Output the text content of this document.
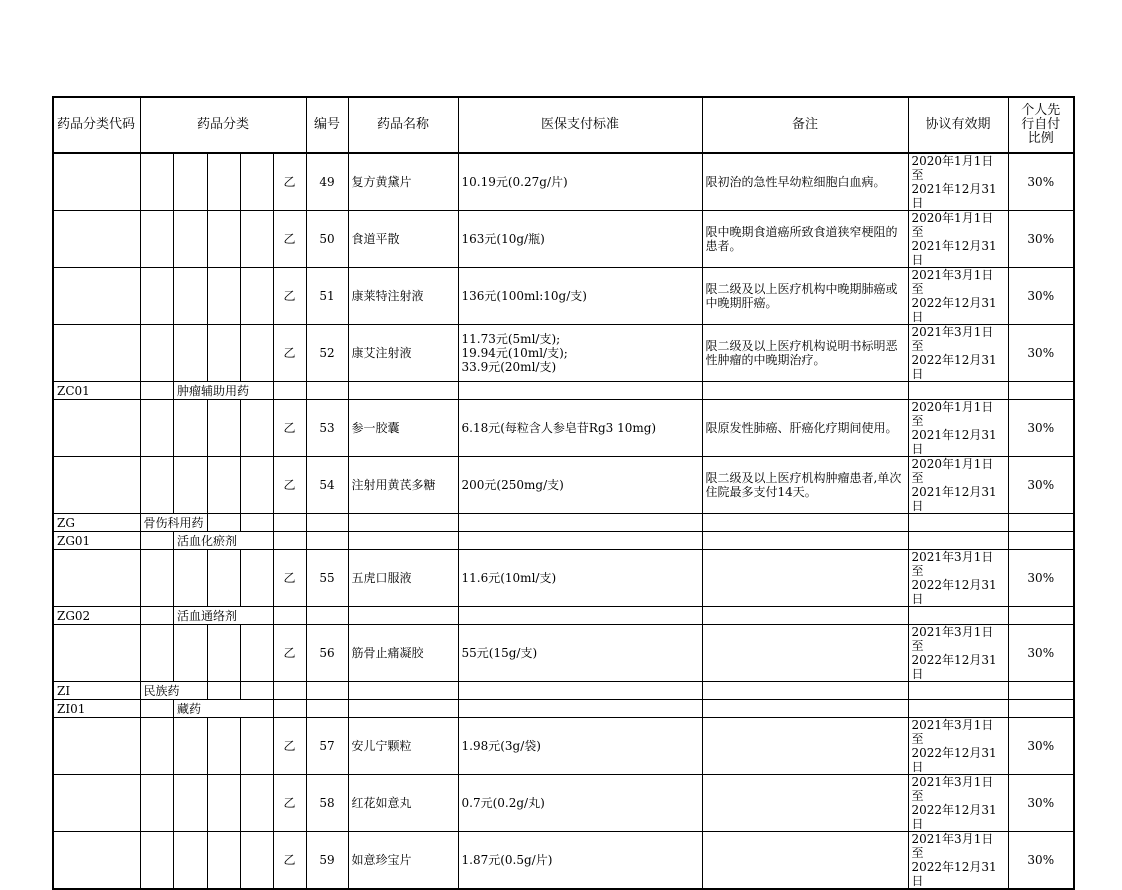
药品分类代码	药品分类					编号	药品名称	医保支付标准	备注	协议有效期	个人先
行自付
比例
					乙	49	复方黄黛片	10.19元(0.27g/片)	限初治的急性早幼粒细胞白血病。	2020年1月1日至
2021年12月31日	30%
					乙	50	食道平散	163元(10g/瓶)	限中晚期食道癌所致食道狭窄梗阻的患者。	2020年1月1日至
2021年12月31日	30%
					乙	51	康莱特注射液	136元(100ml:10g/支)	限二级及以上医疗机构中晚期肺癌或中晚期肝癌。	2021年3月1日至
2022年12月31日	30%
					乙	52	康艾注射液	11.73元(5ml/支);
19.94元(10ml/支);
33.9元(20ml/支)	限二级及以上医疗机构说明书标明恶性肿瘤的中晚期治疗。	2021年3月1日至
2022年12月31日	30%
ZC01		肿瘤辅助用药									
					乙	53	参一胶囊	6.18元(每粒含人参皂苷Rg3 10mg)	限原发性肺癌、肝癌化疗期间使用。	2020年1月1日至
2021年12月31日	30%
					乙	54	注射用黄芪多糖	200元(250mg/支)	限二级及以上医疗机构肿瘤患者,单次住院最多支付14天。	2020年1月1日至
2021年12月31日	30%
ZG	骨伤科用药										
ZG01		活血化瘀剂									
					乙	55	五虎口服液	11.6元(10ml/支)		2021年3月1日至
2022年12月31日	30%
ZG02		活血通络剂									
					乙	56	筋骨止痛凝胶	55元(15g/支)		2021年3月1日至
2022年12月31日	30%
ZI	民族药										
ZI01		藏药									
					乙	57	安儿宁颗粒	1.98元(3g/袋)		2021年3月1日至
2022年12月31日	30%
					乙	58	红花如意丸	0.7元(0.2g/丸)		2021年3月1日至
2022年12月31日	30%
					乙	59	如意珍宝片	1.87元(0.5g/片)		2021年3月1日至
2022年12月31日	30%
